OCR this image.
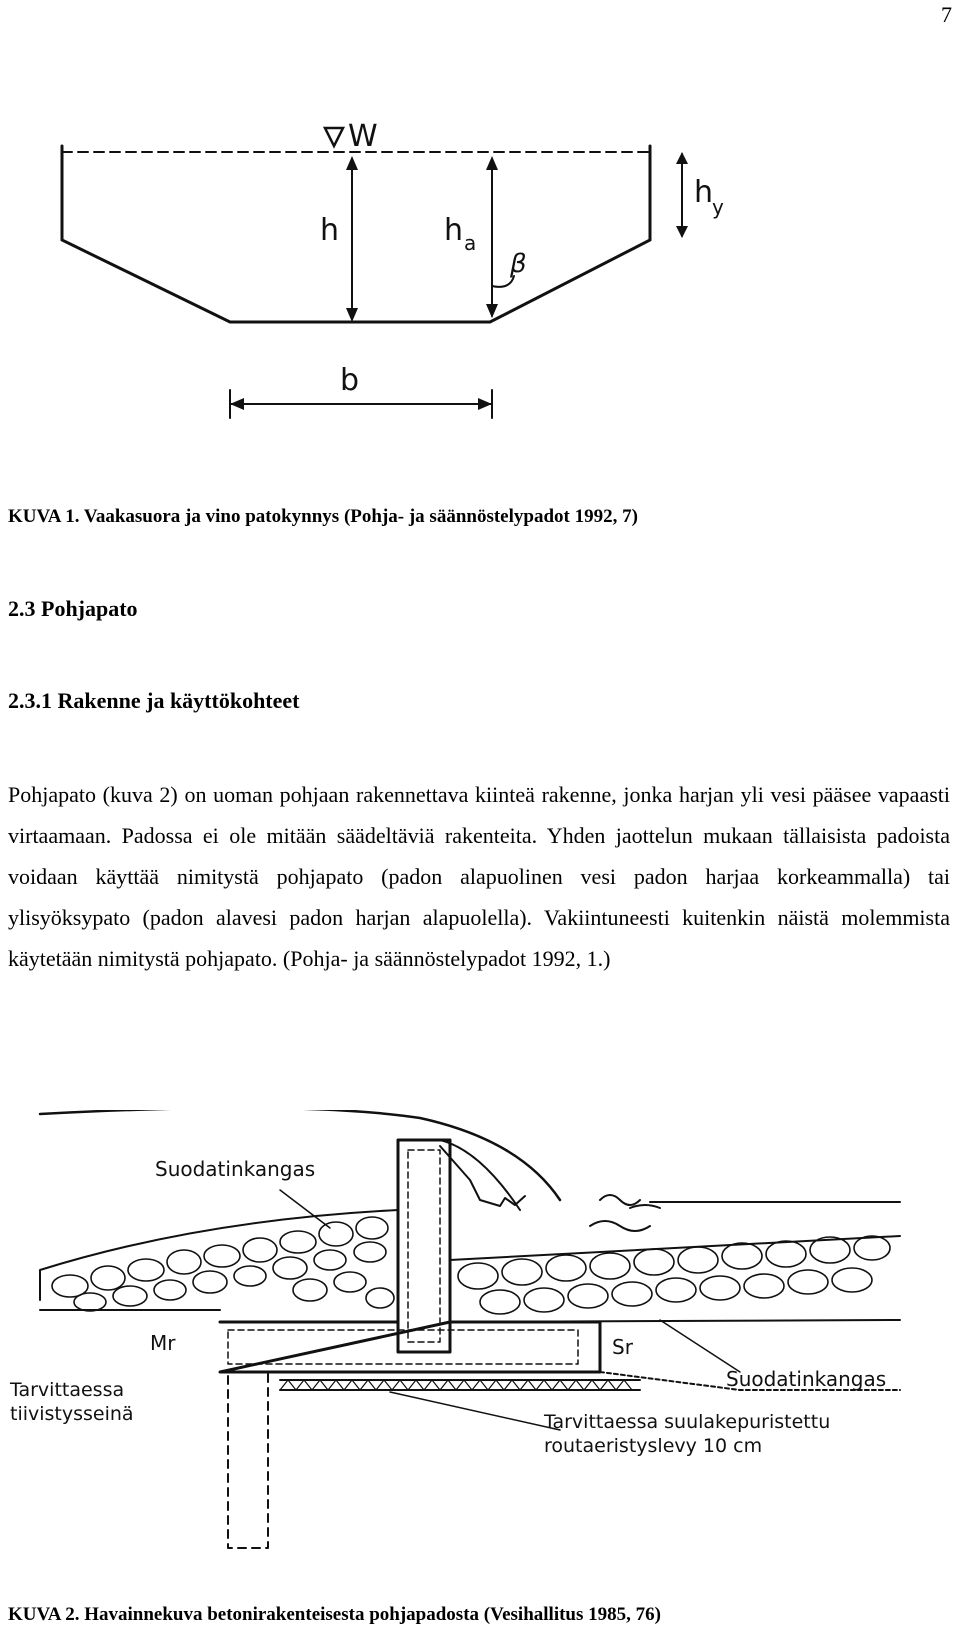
7
W
h	h a
h
y
β
b
KUVA 1. Vaakasuora ja vino patokynnys (Pohja- ja säännöstelypadot 1992, 7)
2.3 Pohjapato
2.3.1 Rakenne ja käyttökohteet
Pohjapato (kuva 2) on uoman pohjaan rakennettava kiinteä rakenne, jonka harjan yli vesi pääsee vapaasti virtaamaan. Padossa ei ole mitään säädeltäviä rakenteita. Yhden jaottelun mukaan tällaisista padoista voidaan käyttää nimitystä pohjapato (padon alapuolinen vesi padon harjaa korkeammalla) tai ylisyöksypato (padon alavesi padon harjan alapuolella). Vakiintuneesti kuitenkin näistä molemmista käytetään nimitystä pohjapato. (Pohja- ja säännöstelypadot 1992, 1.)
Suodatinkangas
Mr	Sr
Suodatinkangas
Tarvittaessa
tiivistysseinä	Tarvittaessa suulakepuristettu
routaeristyslevy 10 cm
KUVA 2. Havainnekuva betonirakenteisesta pohjapadosta (Vesihallitus 1985, 76)
